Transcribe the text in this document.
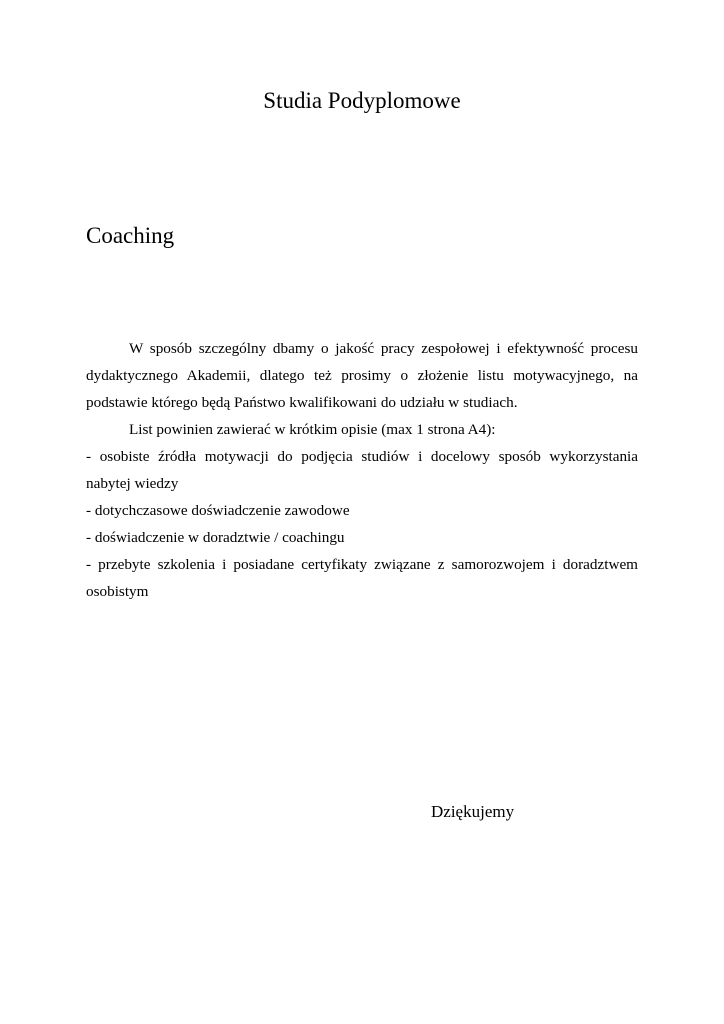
Studia Podyplomowe
Coaching

W sposób szczególny dbamy o jakość pracy zespołowej i efektywność procesu dydaktycznego Akademii, dlatego też prosimy o złożenie listu motywacyjnego, na podstawie którego będą Państwo kwalifikowani do udziału w studiach.

List powinien zawierać w krótkim opisie (max 1 strona A4):

- osobiste źródła motywacji do podjęcia studiów i docelowy sposób wykorzystania nabytej wiedzy
- dotychczasowe doświadczenie zawodowe
- doświadczenie w doradztwie / coachingu
- przebyte szkolenia i posiadane certyfikaty związane z samorozwojem i doradztwem osobistym

Dziękujemy
